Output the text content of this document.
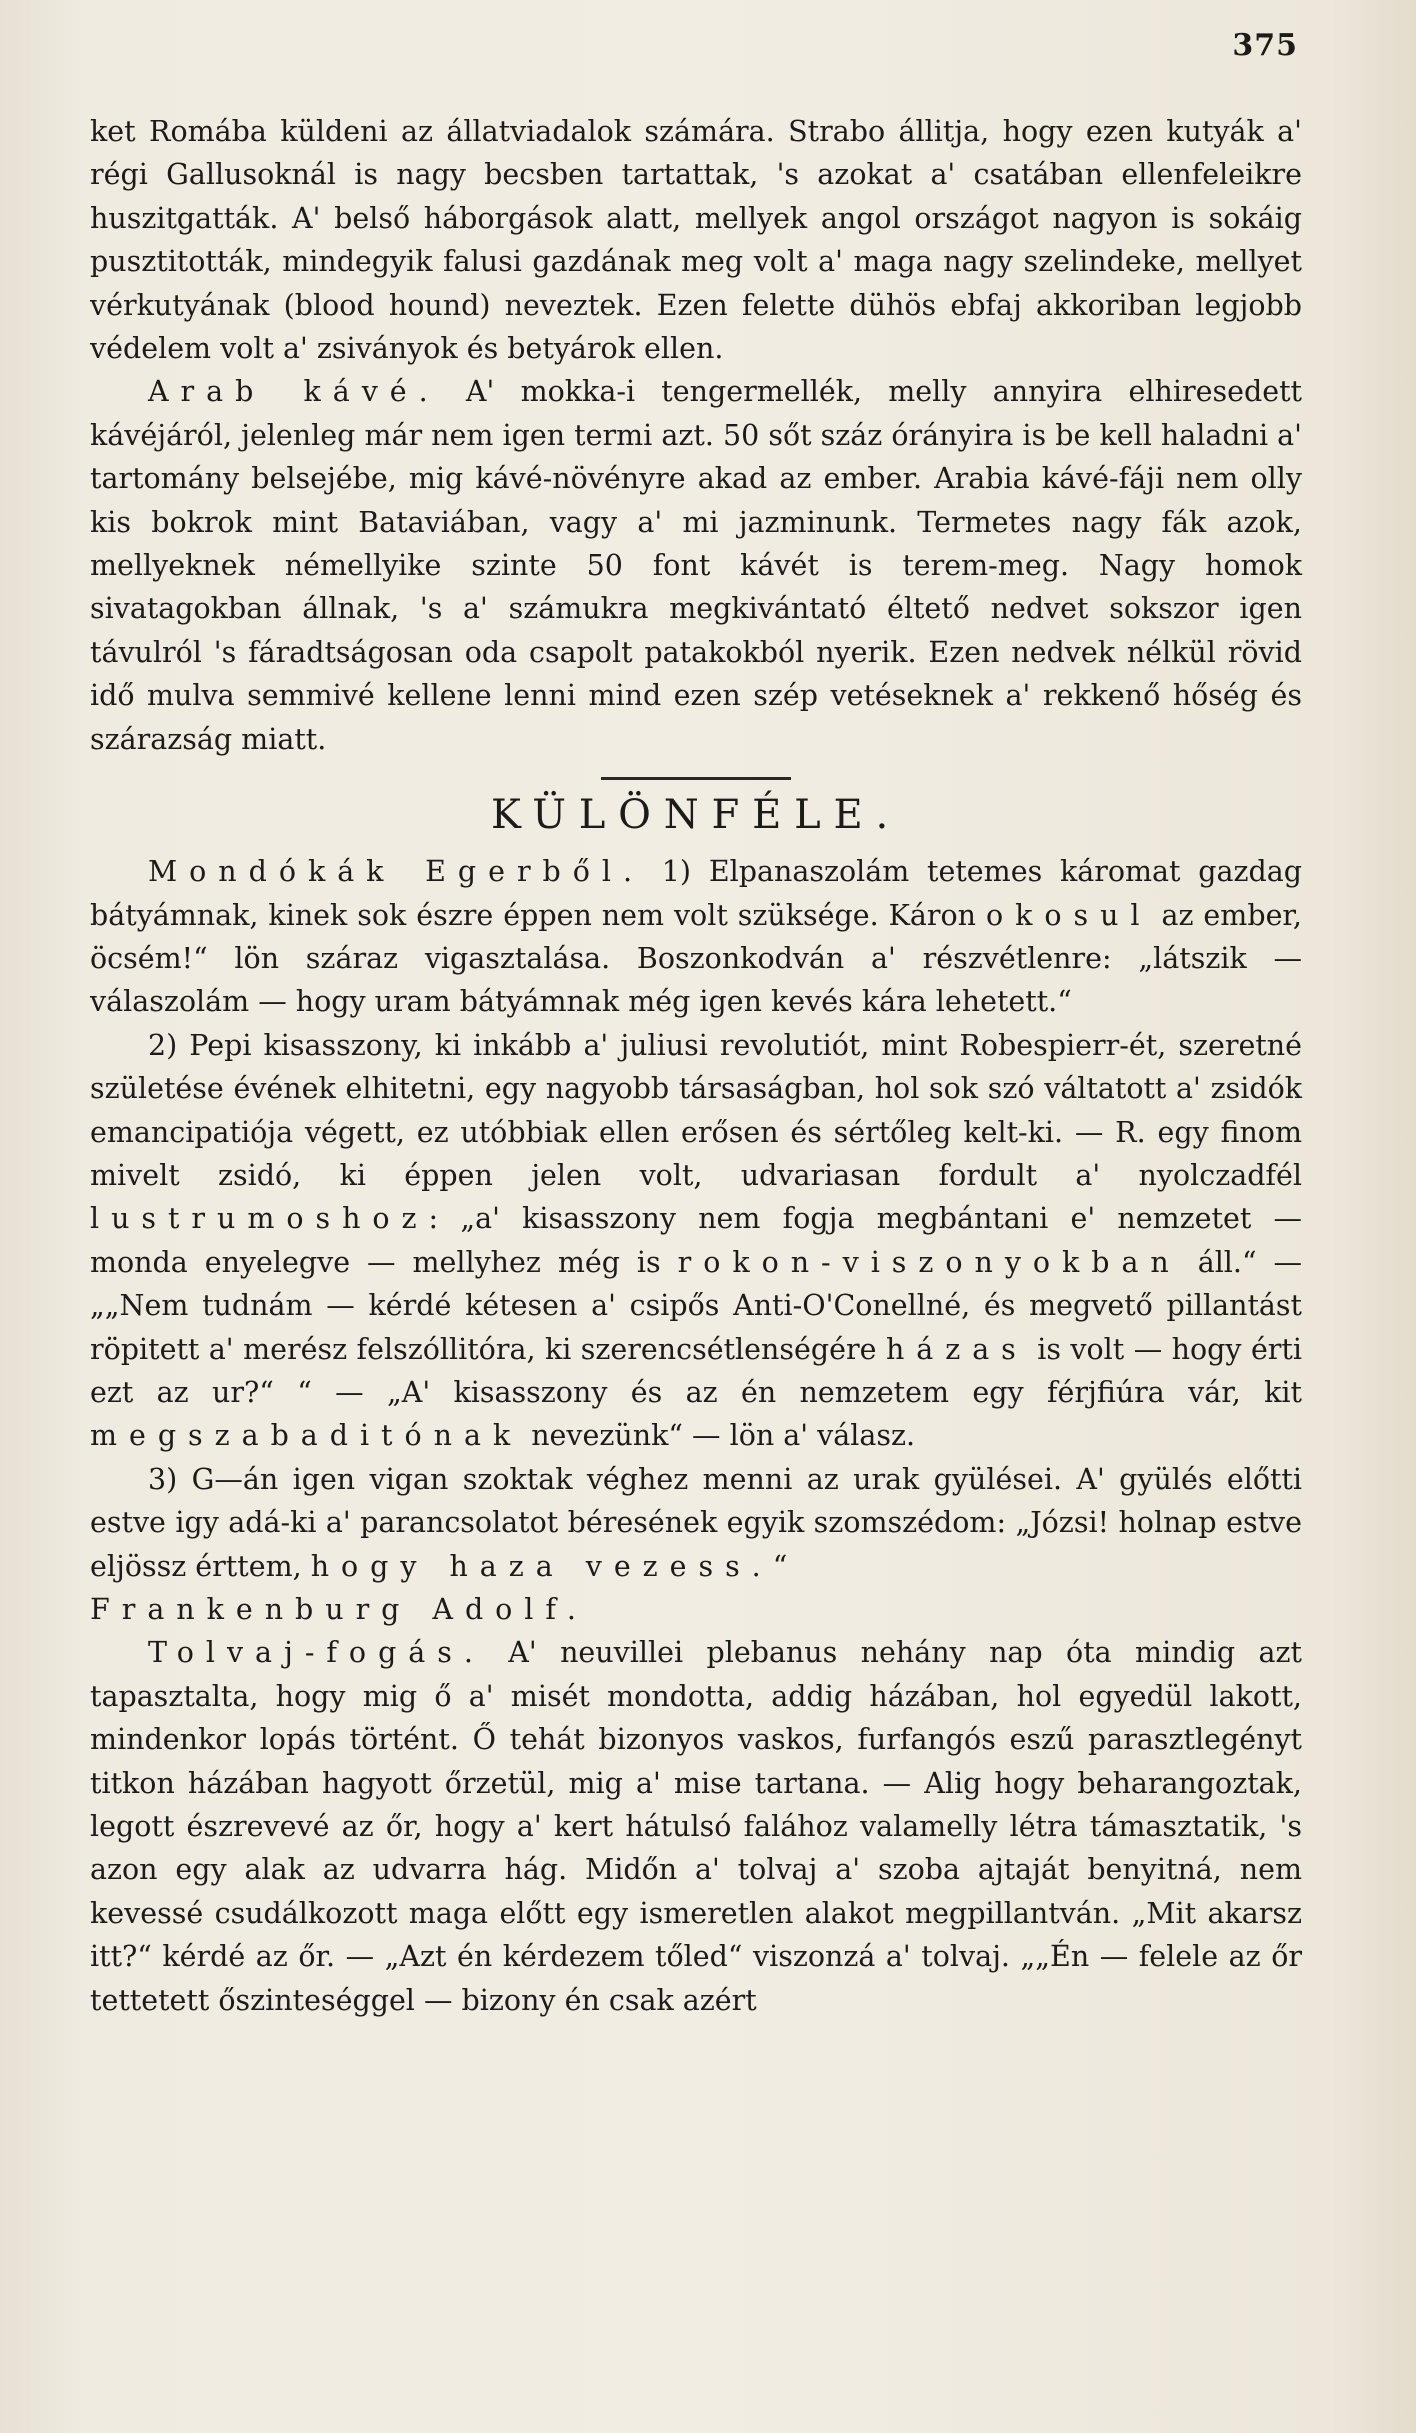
375

ket Romába küldeni az állatviadalok számára. Strabo állitja, hogy ezen kutyák a' régi Gallusoknál is nagy becsben tartattak, 's azokat a' csatában ellenfeleikre huszitgatták. A' belső háborgások alatt, mellyek angol országot nagyon is sokáig pusztitották, mindegyik falusi gazdának meg volt a' maga nagy szelindeke, mellyet vérkutyának (blood hound) neveztek. Ezen felette dühös ebfaj akkoriban legjobb védelem volt a' zsiványok és betyárok ellen.

Arab kávé. A' mokka-i tengermellék, melly annyira elhiresedett kávéjáról, jelenleg már nem igen termi azt. 50 sőt száz órányira is be kell haladni a' tartomány belsejébe, mig kávé-növényre akad az ember. Arabia kávé-fáji nem olly kis bokrok mint Bataviában, vagy a' mi jazminunk. Termetes nagy fák azok, mellyeknek némellyike szinte 50 font kávét is terem-meg. Nagy homok sivatagokban állnak, 's a' számukra megkivántató éltető nedvet sokszor igen távulról 's fáradtságosan oda csapolt patakokból nyerik. Ezen nedvek nélkül rövid idő mulva semmivé kellene lenni mind ezen szép vetéseknek a' rekkenő hőség és szárazság miatt.

KÜLÖNFÉLE.

Mondókák Egerből. 1) Elpanaszolám tetemes káromat gazdag bátyámnak, kinek sok észre éppen nem volt szüksége. Káron okosul az ember, öcsém!“ lön száraz vigasztalása. Boszonkodván a' részvétlenre: „látszik — válaszolám — hogy uram bátyámnak még igen kevés kára lehetett.“

2) Pepi kisasszony, ki inkább a' juliusi revolutiót, mint Robespierr-ét, szeretné születése évének elhitetni, egy nagyobb társaságban, hol sok szó váltatott a' zsidók emancipatiója végett, ez utóbbiak ellen erősen és sértőleg kelt-ki. — R. egy finom mivelt zsidó, ki éppen jelen volt, udvariasan fordult a' nyolczadfél lustrumoshoz: „a' kisasszony nem fogja megbántani e' nemzetet — monda enyelegve — mellyhez még is rokon-viszonyokban áll.“ — „„Nem tudnám — kérdé kétesen a' csipős Anti-O'Conellné, és megvető pillantást röpitett a' merész felszóllitóra, ki szerencsétlenségére házas is volt — hogy érti ezt az ur?“ “ — „A' kisasszony és az én nemzetem egy férjfiúra vár, kit megszabaditónak nevezünk“ — lön a' válasz.

3) G—án igen vigan szoktak véghez menni az urak gyülései. A' gyülés előtti estve igy adá-ki a' parancsolatot béresének egyik szomszédom: „Józsi! holnap estve eljössz érttem, hogy haza vezess.“

Frankenburg Adolf.

Tolvaj-fogás. A' neuvillei plebanus nehány nap óta mindig azt tapasztalta, hogy mig ő a' misét mondotta, addig házában, hol egyedül lakott, mindenkor lopás történt. Ő tehát bizonyos vaskos, furfangós eszű parasztlegényt titkon házában hagyott őrzetül, mig a' mise tartana. — Alig hogy beharangoztak, legott észrevevé az őr, hogy a' kert hátulsó falához valamelly létra támasztatik, 's azon egy alak az udvarra hág. Midőn a' tolvaj a' szoba ajtaját benyitná, nem kevessé csudálkozott maga előtt egy ismeretlen alakot megpillantván. „Mit akarsz itt?“ kérdé az őr. — „Azt én kérdezem tőled“ viszonzá a' tolvaj. „„Én — felele az őr tettetett őszinteséggel — bizony én csak azért
